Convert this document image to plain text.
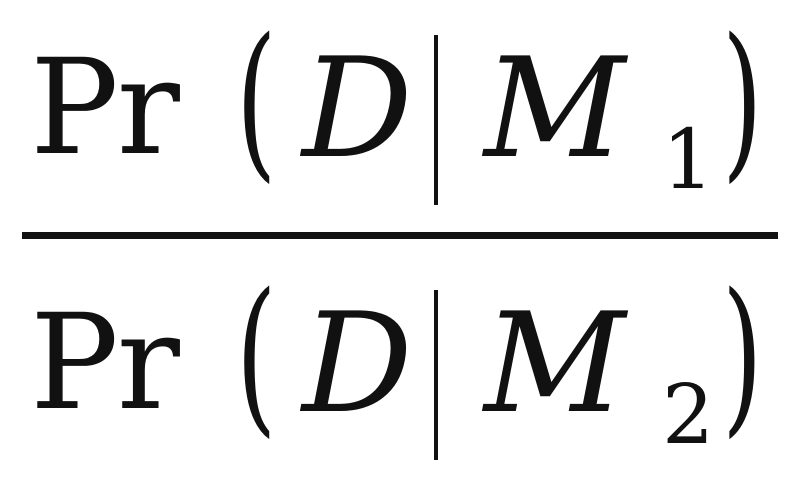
Pr ( D M 1 )
Pr ( D M 2 )
